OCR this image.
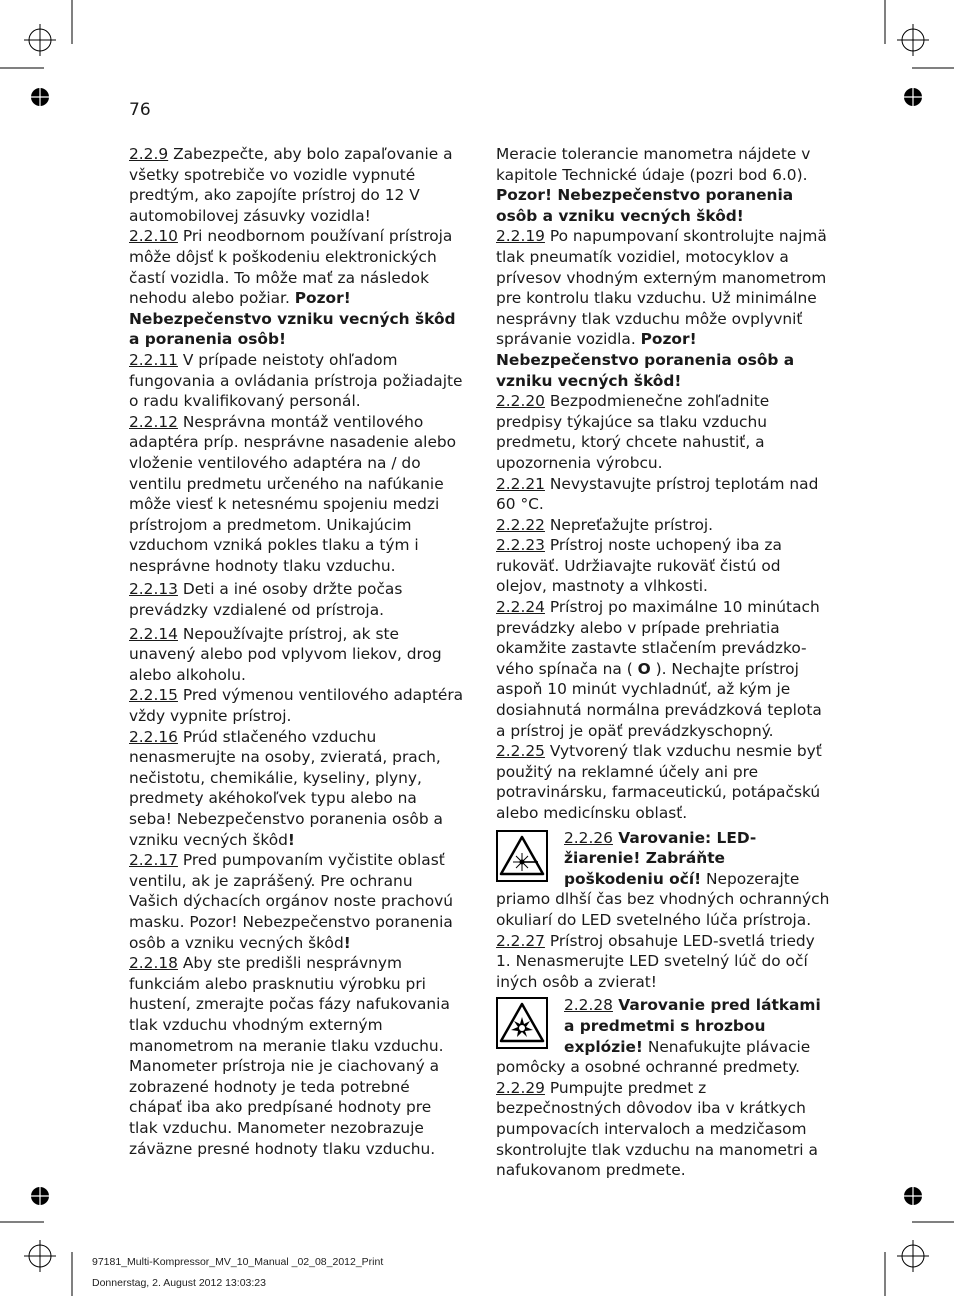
76

2.2.9 Zabezpečte, aby bolo zapaľovanie a všetky spotrebiče vo vozidle vypnuté predtým, ako zapojíte prístroj do 12 V automobilovej zásuvky vozidla!

2.2.10 Pri neodbornom používaní prístroja môže dôjsť k poškodeniu elektronických častí vozidla. To môže mať za následok nehodu alebo požiar. Pozor! Nebezpečenstvo vzniku vecných škôd a poranenia osôb!

2.2.11 V prípade neistoty ohľadom fungovania a ovládania prístroja požiadajte o radu kvalifikovaný personál.

2.2.12 Nesprávna montáž ventilového adaptéra príp. nesprávne nasadenie alebo vloženie ventilového adaptéra na / do ventilu predmetu určeného na nafúkanie môže viesť k netesnému spojeniu medzi prístrojom a predmetom. Unikajúcim vzduchom vzniká pokles tlaku a tým i nesprávne hodnoty tlaku vzduchu.

2.2.13 Deti a iné osoby držte počas prevádzky vzdialené od prístroja.

2.2.14 Nepoužívajte prístroj, ak ste unavený alebo pod vplyvom liekov, drog alebo alkoholu.

2.2.15 Pred výmenou ventilového adaptéra vždy vypnite prístroj.

2.2.16 Prúd stlačeného vzduchu nenasmerujte na osoby, zvieratá, prach, nečistotu, chemikálie, kyseliny, plyny, predmety akéhokoľvek typu alebo na seba! Nebezpečenstvo poranenia osôb a vzniku vecných škôd!

2.2.17 Pred pumpovaním vyčistite oblasť ventilu, ak je zaprášený. Pre ochranu Vašich dýchacích orgánov noste prachovú masku. Pozor! Nebezpečenstvo poranenia osôb a vzniku vecných škôd!

2.2.18 Aby ste predišli nesprávnym funkciám alebo prasknutiu výrobku pri hustení, zmerajte počas fázy nafukovania tlak vzduchu vhodným externým manometrom na meranie tlaku vzduchu. Manometer prístroja nie je ciachovaný a zobrazené hodnoty je teda potrebné chápať iba ako predpísané hodnoty pre tlak vzduchu. Manometer nezobrazuje záväzne presné hodnoty tlaku vzduchu.

Meracie tolerancie manometra nájdete v kapitole Technické údaje (pozri bod 6.0).
Pozor! Nebezpečenstvo poranenia osôb a vzniku vecných škôd!

2.2.19 Po napumpovaní skontrolujte najmä tlak pneumatík vozidiel, motocyklov a prívesov vhodným externým manometrom pre kontrolu tlaku vzduchu. Už minimálne nesprávny tlak vzduchu môže ovplyvniť správanie vozidla. Pozor! Nebezpečenstvo poranenia osôb a vzniku vecných škôd!

2.2.20 Bezpodmienečne zohľadnite predpisy týkajúce sa tlaku vzduchu predmetu, ktorý chcete nahustiť, a upozornenia výrobcu.

2.2.21 Nevystavujte prístroj teplotám nad 60 °C.

2.2.22 Nepreťažujte prístroj.

2.2.23 Prístroj noste uchopený iba za rukoväť. Udržiavajte rukoväť čistú od olejov, mastnoty a vlhkosti.

2.2.24 Prístroj po maximálne 10 minútach prevádzky alebo v prípade prehriatia okamžite zastavte stlačením prevádzko-vého spínača na ( O ). Nechajte prístroj aspoň 10 minút vychladnúť, až kým je dosiahnutá normálna prevádzková teplota a prístroj je opäť prevádzkyschopný.

2.2.25 Vytvorený tlak vzduchu nesmie byť použitý na reklamné účely ani pre potravinársku, farmaceutickú, potápačskú alebo medicínsku oblasť.

2.2.26 Varovanie: LED-žiarenie! Zabráňte poškodeniu očí! Nepozerajte priamo dlhší čas bez vhodných ochranných okuliarí do LED svetelného lúča prístroja.

2.2.27 Prístroj obsahuje LED-svetlá triedy 1. Nenasmerujte LED svetelný lúč do očí iných osôb a zvierat!

2.2.28 Varovanie pred látkami a predmetmi s hrozbou explózie! Nenafukujte plávacie pomôcky a osobné ochranné predmety.

2.2.29 Pumpujte predmet z bezpečnostných dôvodov iba v krátkych pumpovacích intervaloch a medzičasom skontrolujte tlak vzduchu na manometri a nafukovanom predmete.

97181_Multi-Kompressor_MV_10_Manual _02_08_2012_Print
Donnerstag, 2. August 2012 13:03:23
